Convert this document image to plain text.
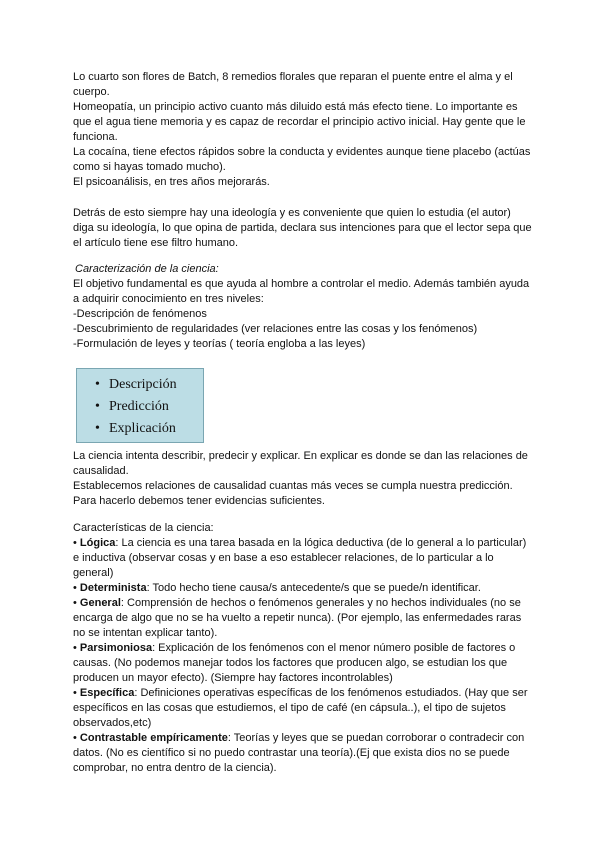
Lo cuarto son flores de Batch, 8 remedios florales que reparan el puente entre el alma y el cuerpo.

Homeopatía, un principio activo cuanto más diluido está más efecto tiene. Lo importante es que el agua tiene memoria y es capaz de recordar el principio activo inicial. Hay gente que le funciona.

La cocaína, tiene efectos rápidos sobre la conducta y evidentes aunque tiene placebo (actúas como si hayas tomado mucho).

El psicoanálisis, en tres años mejorarás.

Detrás de esto siempre hay una ideología y es conveniente que quien lo estudia (el autor) diga su ideología, lo que opina de partida, declara sus intenciones para que el lector sepa que el artículo tiene ese filtro humano.

Caracterización de la ciencia:

El objetivo fundamental es que ayuda al hombre a controlar el medio. Además también ayuda a adquirir conocimiento en tres niveles:

-Descripción de fenómenos

-Descubrimiento de regularidades (ver relaciones entre las cosas y los fenómenos)

-Formulación de leyes y teorías ( teoría engloba a las leyes)

• Descripción
• Predicción
• Explicación

La ciencia intenta describir, predecir y explicar. En explicar es donde se dan las relaciones de causalidad.

Establecemos relaciones de causalidad cuantas más veces se cumpla nuestra predicción. Para hacerlo debemos tener evidencias suficientes.

Características de la ciencia:

• Lógica: La ciencia es una tarea basada en la lógica deductiva (de lo general a lo particular) e inductiva (observar cosas y en base a eso establecer relaciones, de lo particular a lo general)

• Determinista: Todo hecho tiene causa/s antecedente/s que se puede/n identificar.

• General: Comprensión de hechos o fenómenos generales y no hechos individuales (no se encarga de algo que no se ha vuelto a repetir nunca). (Por ejemplo, las enfermedades raras no se intentan explicar tanto).

• Parsimoniosa: Explicación de los fenómenos con el menor número posible de factores o causas. (No podemos manejar todos los factores que producen algo, se estudian los que producen un mayor efecto). (Siempre hay factores incontrolables)

• Específica: Definiciones operativas específicas de los fenómenos estudiados. (Hay que ser específicos en las cosas que estudiemos, el tipo de café (en cápsula..), el tipo de sujetos observados,etc)

• Contrastable empíricamente: Teorías y leyes que se puedan corroborar o contradecir con datos. (No es científico si no puedo contrastar una teoría).(Ej que exista dios no se puede comprobar, no entra dentro de la ciencia).
